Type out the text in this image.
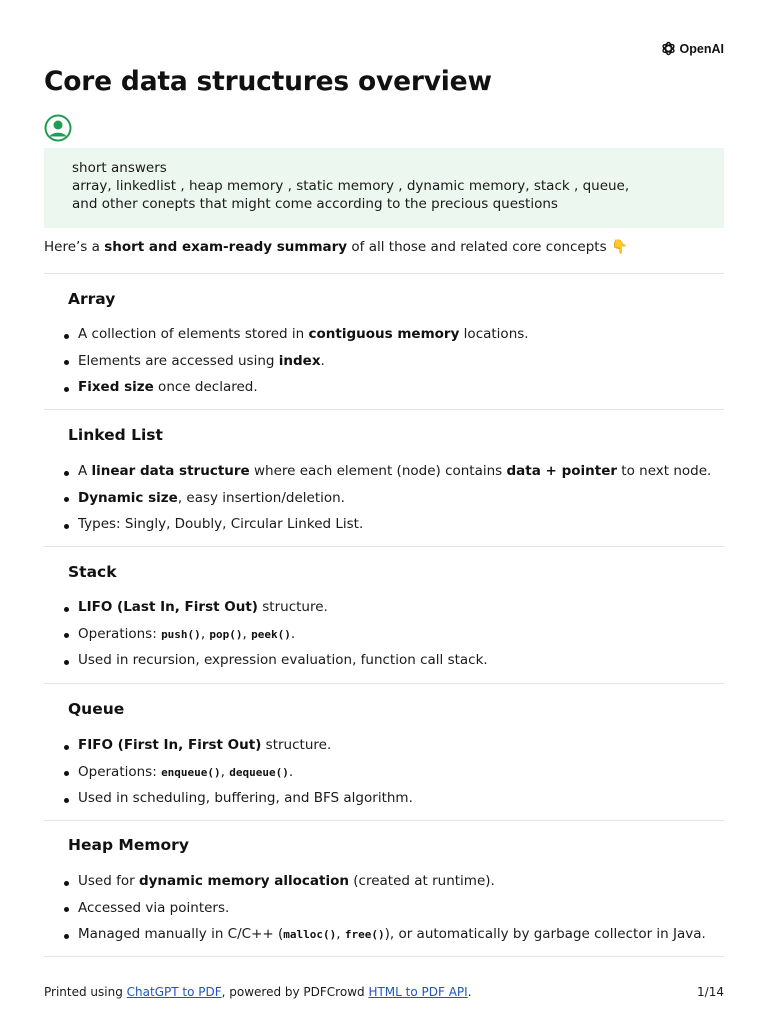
OpenAI
Core data structures overview
short answers
array, linkedlist , heap memory , static memory , dynamic memory, stack , queue,
and other conepts that might come according to the precious questions
Here’s a short and exam-ready summary of all those and related core concepts 👇
Array
A collection of elements stored in contiguous memory locations.
Elements are accessed using index.
Fixed size once declared.
Linked List
A linear data structure where each element (node) contains data + pointer to next node.
Dynamic size, easy insertion/deletion.
Types: Singly, Doubly, Circular Linked List.
Stack
LIFO (Last In, First Out) structure.
Operations: push(), pop(), peek().
Used in recursion, expression evaluation, function call stack.
Queue
FIFO (First In, First Out) structure.
Operations: enqueue(), dequeue().
Used in scheduling, buffering, and BFS algorithm.
Heap Memory
Used for dynamic memory allocation (created at runtime).
Accessed via pointers.
Managed manually in C/C++ (malloc(), free()), or automatically by garbage collector in Java.
Printed using ChatGPT to PDF, powered by PDFCrowd HTML to PDF API.	1/14
